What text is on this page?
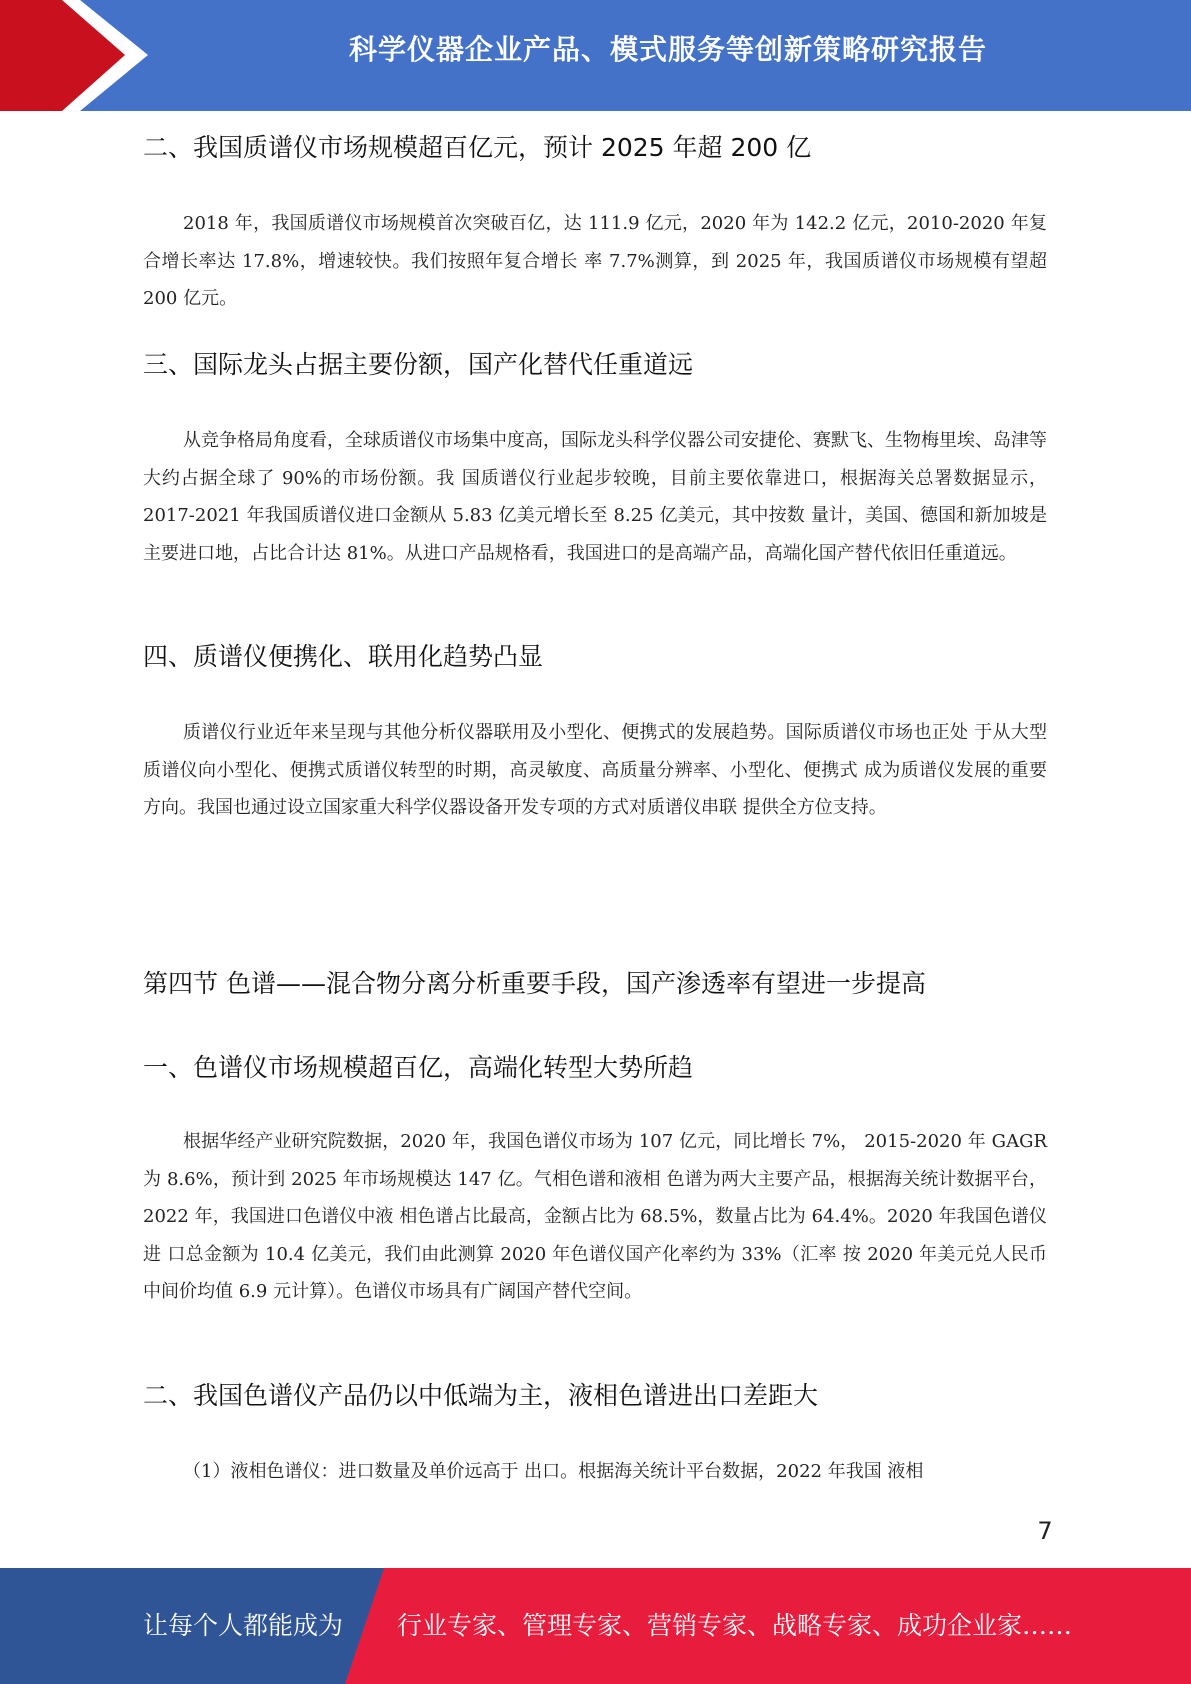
科学仪器企业产品、模式服务等创新策略研究报告
二、我国质谱仪市场规模超百亿元，预计 2025 年超 200 亿

2018 年，我国质谱仪市场规模首次突破百亿，达 111.9 亿元，2020 年为 142.2 亿元，2010-2020 年复合增长率达 17.8%，增速较快。我们按照年复合增长 率 7.7%测算，到 2025 年，我国质谱仪市场规模有望超 200 亿元。

三、国际龙头占据主要份额，国产化替代任重道远

从竞争格局角度看，全球质谱仪市场集中度高，国际龙头科学仪器公司安捷伦、赛默飞、生物梅里埃、岛津等大约占据全球了 90%的市场份额。我 国质谱仪行业起步较晚，目前主要依靠进口，根据海关总署数据显示，2017-2021 年我国质谱仪进口金额从 5.83 亿美元增长至 8.25 亿美元，其中按数 量计，美国、德国和新加坡是主要进口地，占比合计达 81%。从进口产品规格看，我国进口的是高端产品，高端化国产替代依旧任重道远。

四、质谱仪便携化、联用化趋势凸显

质谱仪行业近年来呈现与其他分析仪器联用及小型化、便携式的发展趋势。国际质谱仪市场也正处 于从大型质谱仪向小型化、便携式质谱仪转型的时期，高灵敏度、高质量分辨率、小型化、便携式 成为质谱仪发展的重要方向。我国也通过设立国家重大科学仪器设备开发专项的方式对质谱仪串联 提供全方位支持。

第四节 色谱——混合物分离分析重要手段，国产渗透率有望进一步提高
一、色谱仪市场规模超百亿，高端化转型大势所趋

根据华经产业研究院数据，2020 年，我国色谱仪市场为 107 亿元，同比增长 7%， 2015-2020 年 GAGR 为 8.6%，预计到 2025 年市场规模达 147 亿。气相色谱和液相 色谱为两大主要产品，根据海关统计数据平台，2022 年，我国进口色谱仪中液 相色谱占比最高，金额占比为 68.5%，数量占比为 64.4%。2020 年我国色谱仪进 口总金额为 10.4 亿美元，我们由此测算 2020 年色谱仪国产化率约为 33%（汇率 按 2020 年美元兑人民币中间价均值 6.9 元计算）。色谱仪市场具有广阔国产替代空间。

二、我国色谱仪产品仍以中低端为主，液相色谱进出口差距大

（1）液相色谱仪：进口数量及单价远高于 出口。根据海关统计平台数据，2022 年我国 液相

7
让每个人都能成为 行业专家、管理专家、营销专家、战略专家、成功企业家……
